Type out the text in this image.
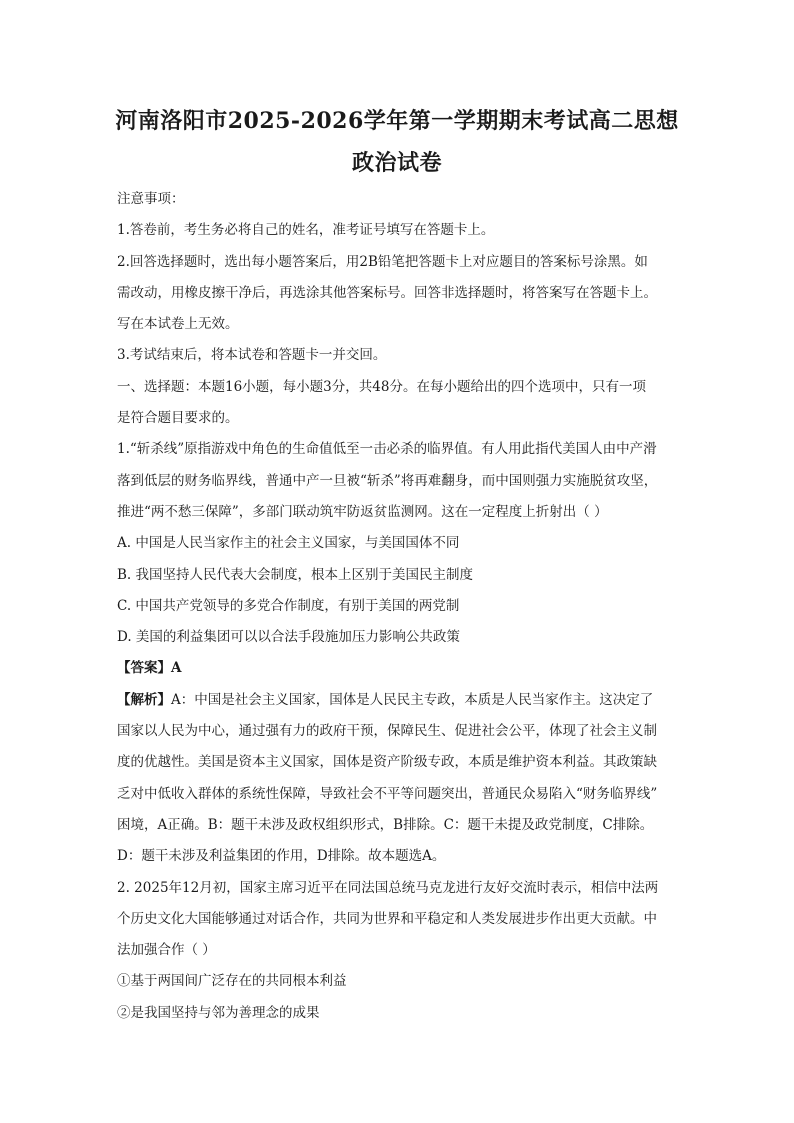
河南洛阳市2025-2026学年第一学期期末考试高二思想
政治试卷
注意事项：
1.答卷前，考生务必将自己的姓名，准考证号填写在答题卡上。
2.回答选择题时，选出每小题答案后，用2B铅笔把答题卡上对应题目的答案标号涂黑。如
需改动，用橡皮擦干净后，再选涂其他答案标号。回答非选择题时，将答案写在答题卡上。
写在本试卷上无效。
3.考试结束后，将本试卷和答题卡一并交回。
一、选择题：本题16小题，每小题3分，共48分。在每小题给出的四个选项中，只有一项
是符合题目要求的。
1.“斩杀线”原指游戏中角色的生命值低至一击必杀的临界值。有人用此指代美国人由中产滑
落到低层的财务临界线，普通中产一旦被“斩杀”将再难翻身，而中国则强力实施脱贫攻坚，
推进“两不愁三保障”，多部门联动筑牢防返贫监测网。这在一定程度上折射出（ ）
A. 中国是人民当家作主的社会主义国家，与美国国体不同
B. 我国坚持人民代表大会制度，根本上区别于美国民主制度
C. 中国共产党领导的多党合作制度，有别于美国的两党制
D. 美国的利益集团可以以合法手段施加压力影响公共政策
【答案】A
【解析】A：中国是社会主义国家，国体是人民民主专政，本质是人民当家作主。这决定了
国家以人民为中心，通过强有力的政府干预，保障民生、促进社会公平，体现了社会主义制
度的优越性。美国是资本主义国家，国体是资产阶级专政，本质是维护资本利益。其政策缺
乏对中低收入群体的系统性保障，导致社会不平等问题突出，普通民众易陷入“财务临界线”
困境，A正确。B：题干未涉及政权组织形式，B排除。C：题干未提及政党制度，C排除。
D：题干未涉及利益集团的作用，D排除。故本题选A。
2. 2025年12月初，国家主席习近平在同法国总统马克龙进行友好交流时表示，相信中法两
个历史文化大国能够通过对话合作，共同为世界和平稳定和人类发展进步作出更大贡献。中
法加强合作（ ）
①基于两国间广泛存在的共同根本利益
②是我国坚持与邻为善理念的成果
